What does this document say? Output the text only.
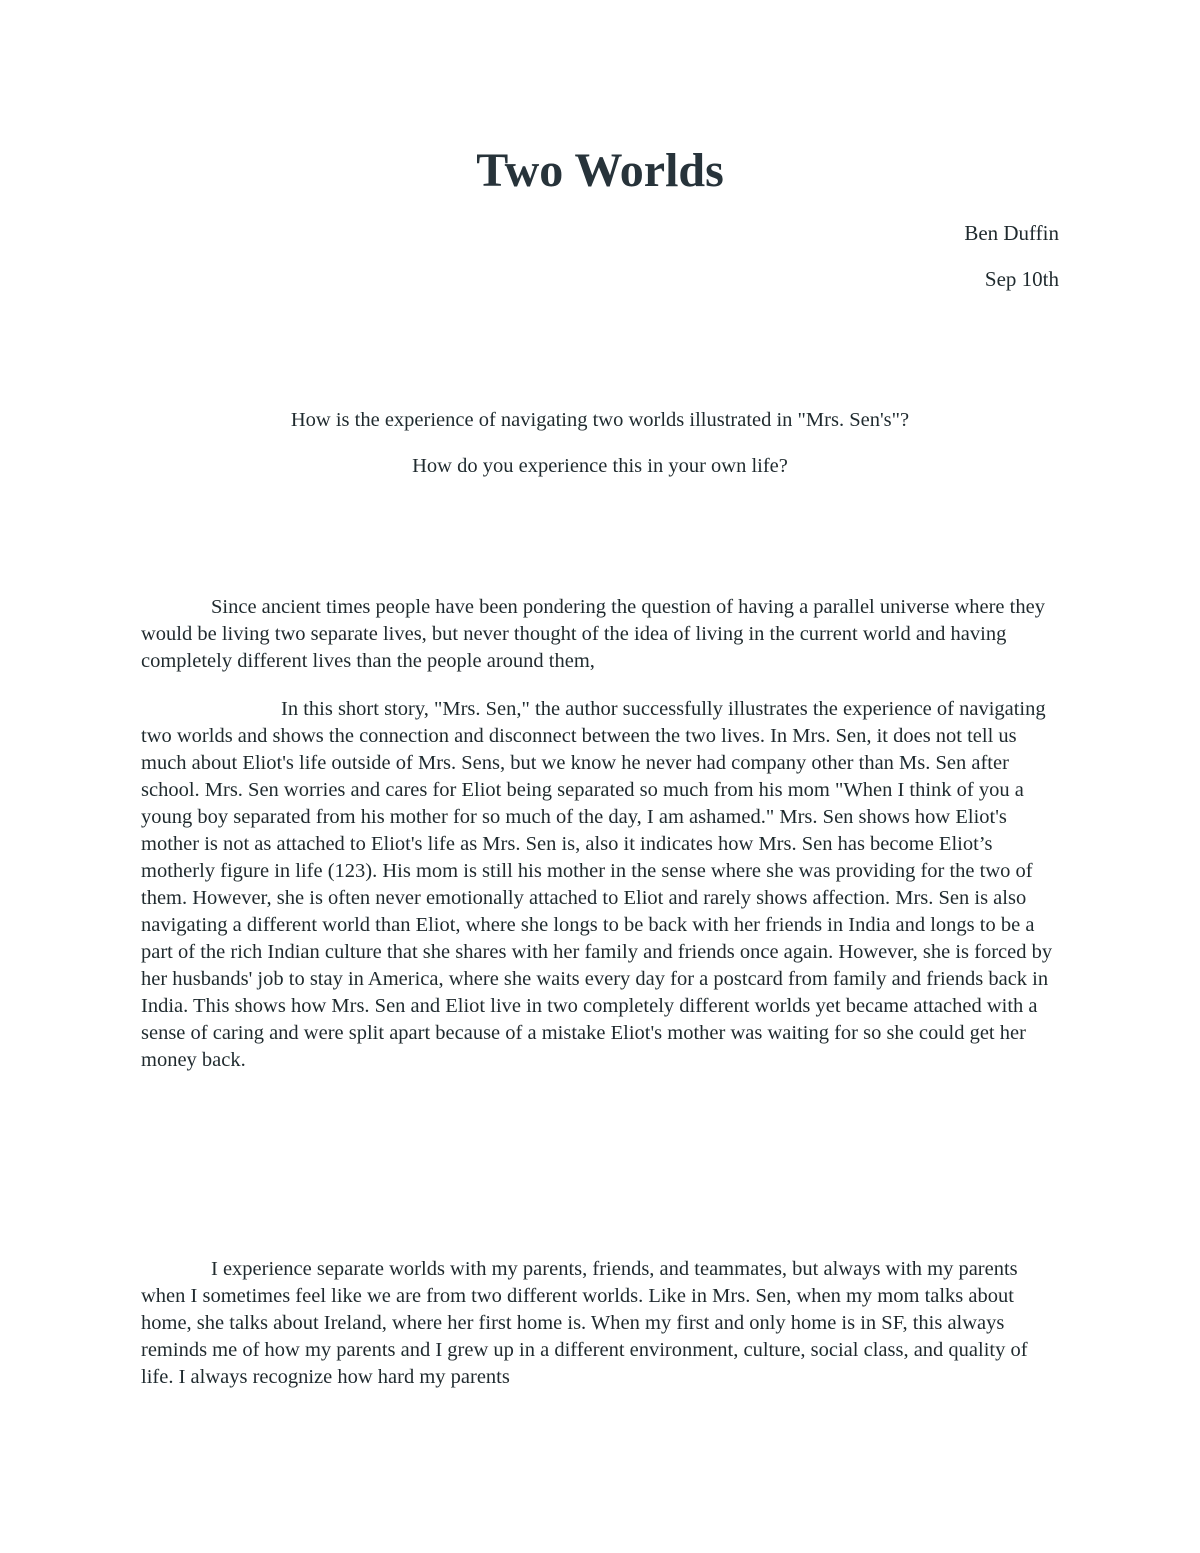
Two Worlds
Ben Duffin
Sep 10th
How is the experience of navigating two worlds illustrated in "Mrs. Sen's"?
How do you experience this in your own life?

Since ancient times people have been pondering the question of having a parallel universe where they would be living two separate lives, but never thought of the idea of living in the current world and having completely different lives than the people around them,

In this short story, "Mrs. Sen," the author successfully illustrates the experience of navigating two worlds and shows the connection and disconnect between the two lives. In Mrs. Sen, it does not tell us much about Eliot's life outside of Mrs. Sens, but we know he never had company other than Ms. Sen after school. Mrs. Sen worries and cares for Eliot being separated so much from his mom "When I think of you a young boy separated from his mother for so much of the day, I am ashamed." Mrs. Sen shows how Eliot's mother is not as attached to Eliot's life as Mrs. Sen is, also it indicates how Mrs. Sen has become Eliot’s motherly figure in life (123). His mom is still his mother in the sense where she was providing for the two of them. However, she is often never emotionally attached to Eliot and rarely shows affection. Mrs. Sen is also navigating a different world than Eliot, where she longs to be back with her friends in India and longs to be a part of the rich Indian culture that she shares with her family and friends once again. However, she is forced by her husbands' job to stay in America, where she waits every day for a postcard from family and friends back in India. This shows how Mrs. Sen and Eliot live in two completely different worlds yet became attached with a sense of caring and were split apart because of a mistake Eliot's mother was waiting for so she could get her money back.

I experience separate worlds with my parents, friends, and teammates, but always with my parents when I sometimes feel like we are from two different worlds. Like in Mrs. Sen, when my mom talks about home, she talks about Ireland, where her first home is. When my first and only home is in SF, this always reminds me of how my parents and I grew up in a different environment, culture, social class, and quality of life. I always recognize how hard my parents
